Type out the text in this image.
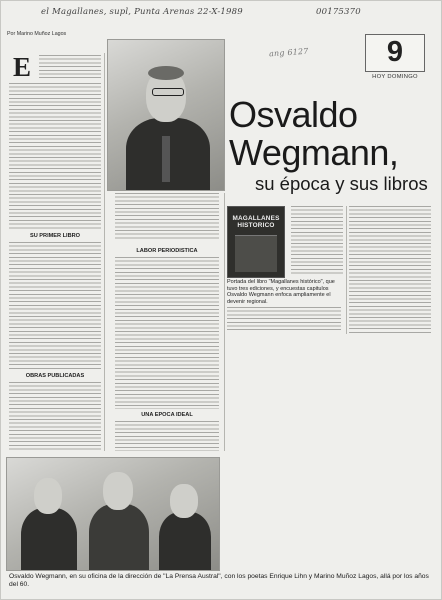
el Magallanes, supl, Punta Arenas 22-X-1989	00175370
ang 6127
Por Marino Muñoz Lagos
9
HOY DOMINGO
E
SU PRIMER LIBRO
OBRAS PUBLICADAS
Osvaldo
Wegmann,
su época y sus libros
LABOR PERIODISTICA
UNA EPOCA IDEAL
MAGALLANES
HISTORICO
Portada del libro "Magallanes histórico", que tuvo tres ediciones, y encuestas capitulos Osvaldo Wegmann enfoca ampliamente el devenir regional.
Osvaldo Wegmann, en su oficina de la dirección de "La Prensa Austral", con los poetas Enrique Lihn y Marino Muñoz Lagos, allá por los años del 60.
